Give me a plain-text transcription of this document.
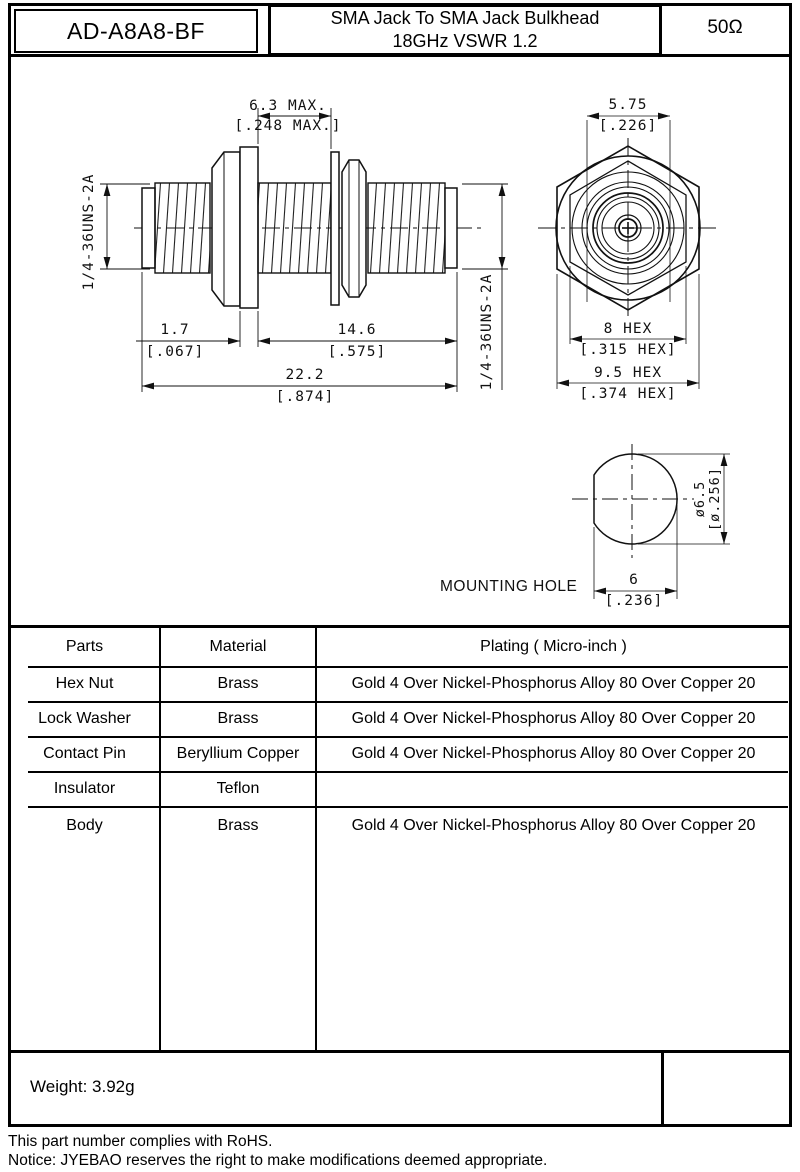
AD-A8A8-BF	SMA Jack To SMA Jack Bulkhead
18GHz VSWR 1.2
50Ω
6.3 MAX.
[.248 MAX.]
1/4-36UNS-2A
1.7
[.067]
14.6
[.575]
22.2
[.874]
1/4-36UNS-2A
5.75
[.226]
8 HEX
[.315 HEX]
9.5 HEX
[.374 HEX]
ø6.5 [ø.256]
6
[.236]
MOUNTING HOLE
Parts	Material	Plating ( Micro-inch )
Hex Nut	Brass	Gold 4 Over Nickel-Phosphorus Alloy 80 Over Copper 20
Lock Washer	Brass	Gold 4 Over Nickel-Phosphorus Alloy 80 Over Copper 20
Contact Pin	Beryllium Copper	Gold 4 Over Nickel-Phosphorus Alloy 80 Over Copper 20
Insulator	Teflon
Body	Brass	Gold 4 Over Nickel-Phosphorus Alloy 80 Over Copper 20
Weight: 3.92g
This part number complies with RoHS.
Notice: JYEBAO reserves the right to make modifications deemed appropriate.
